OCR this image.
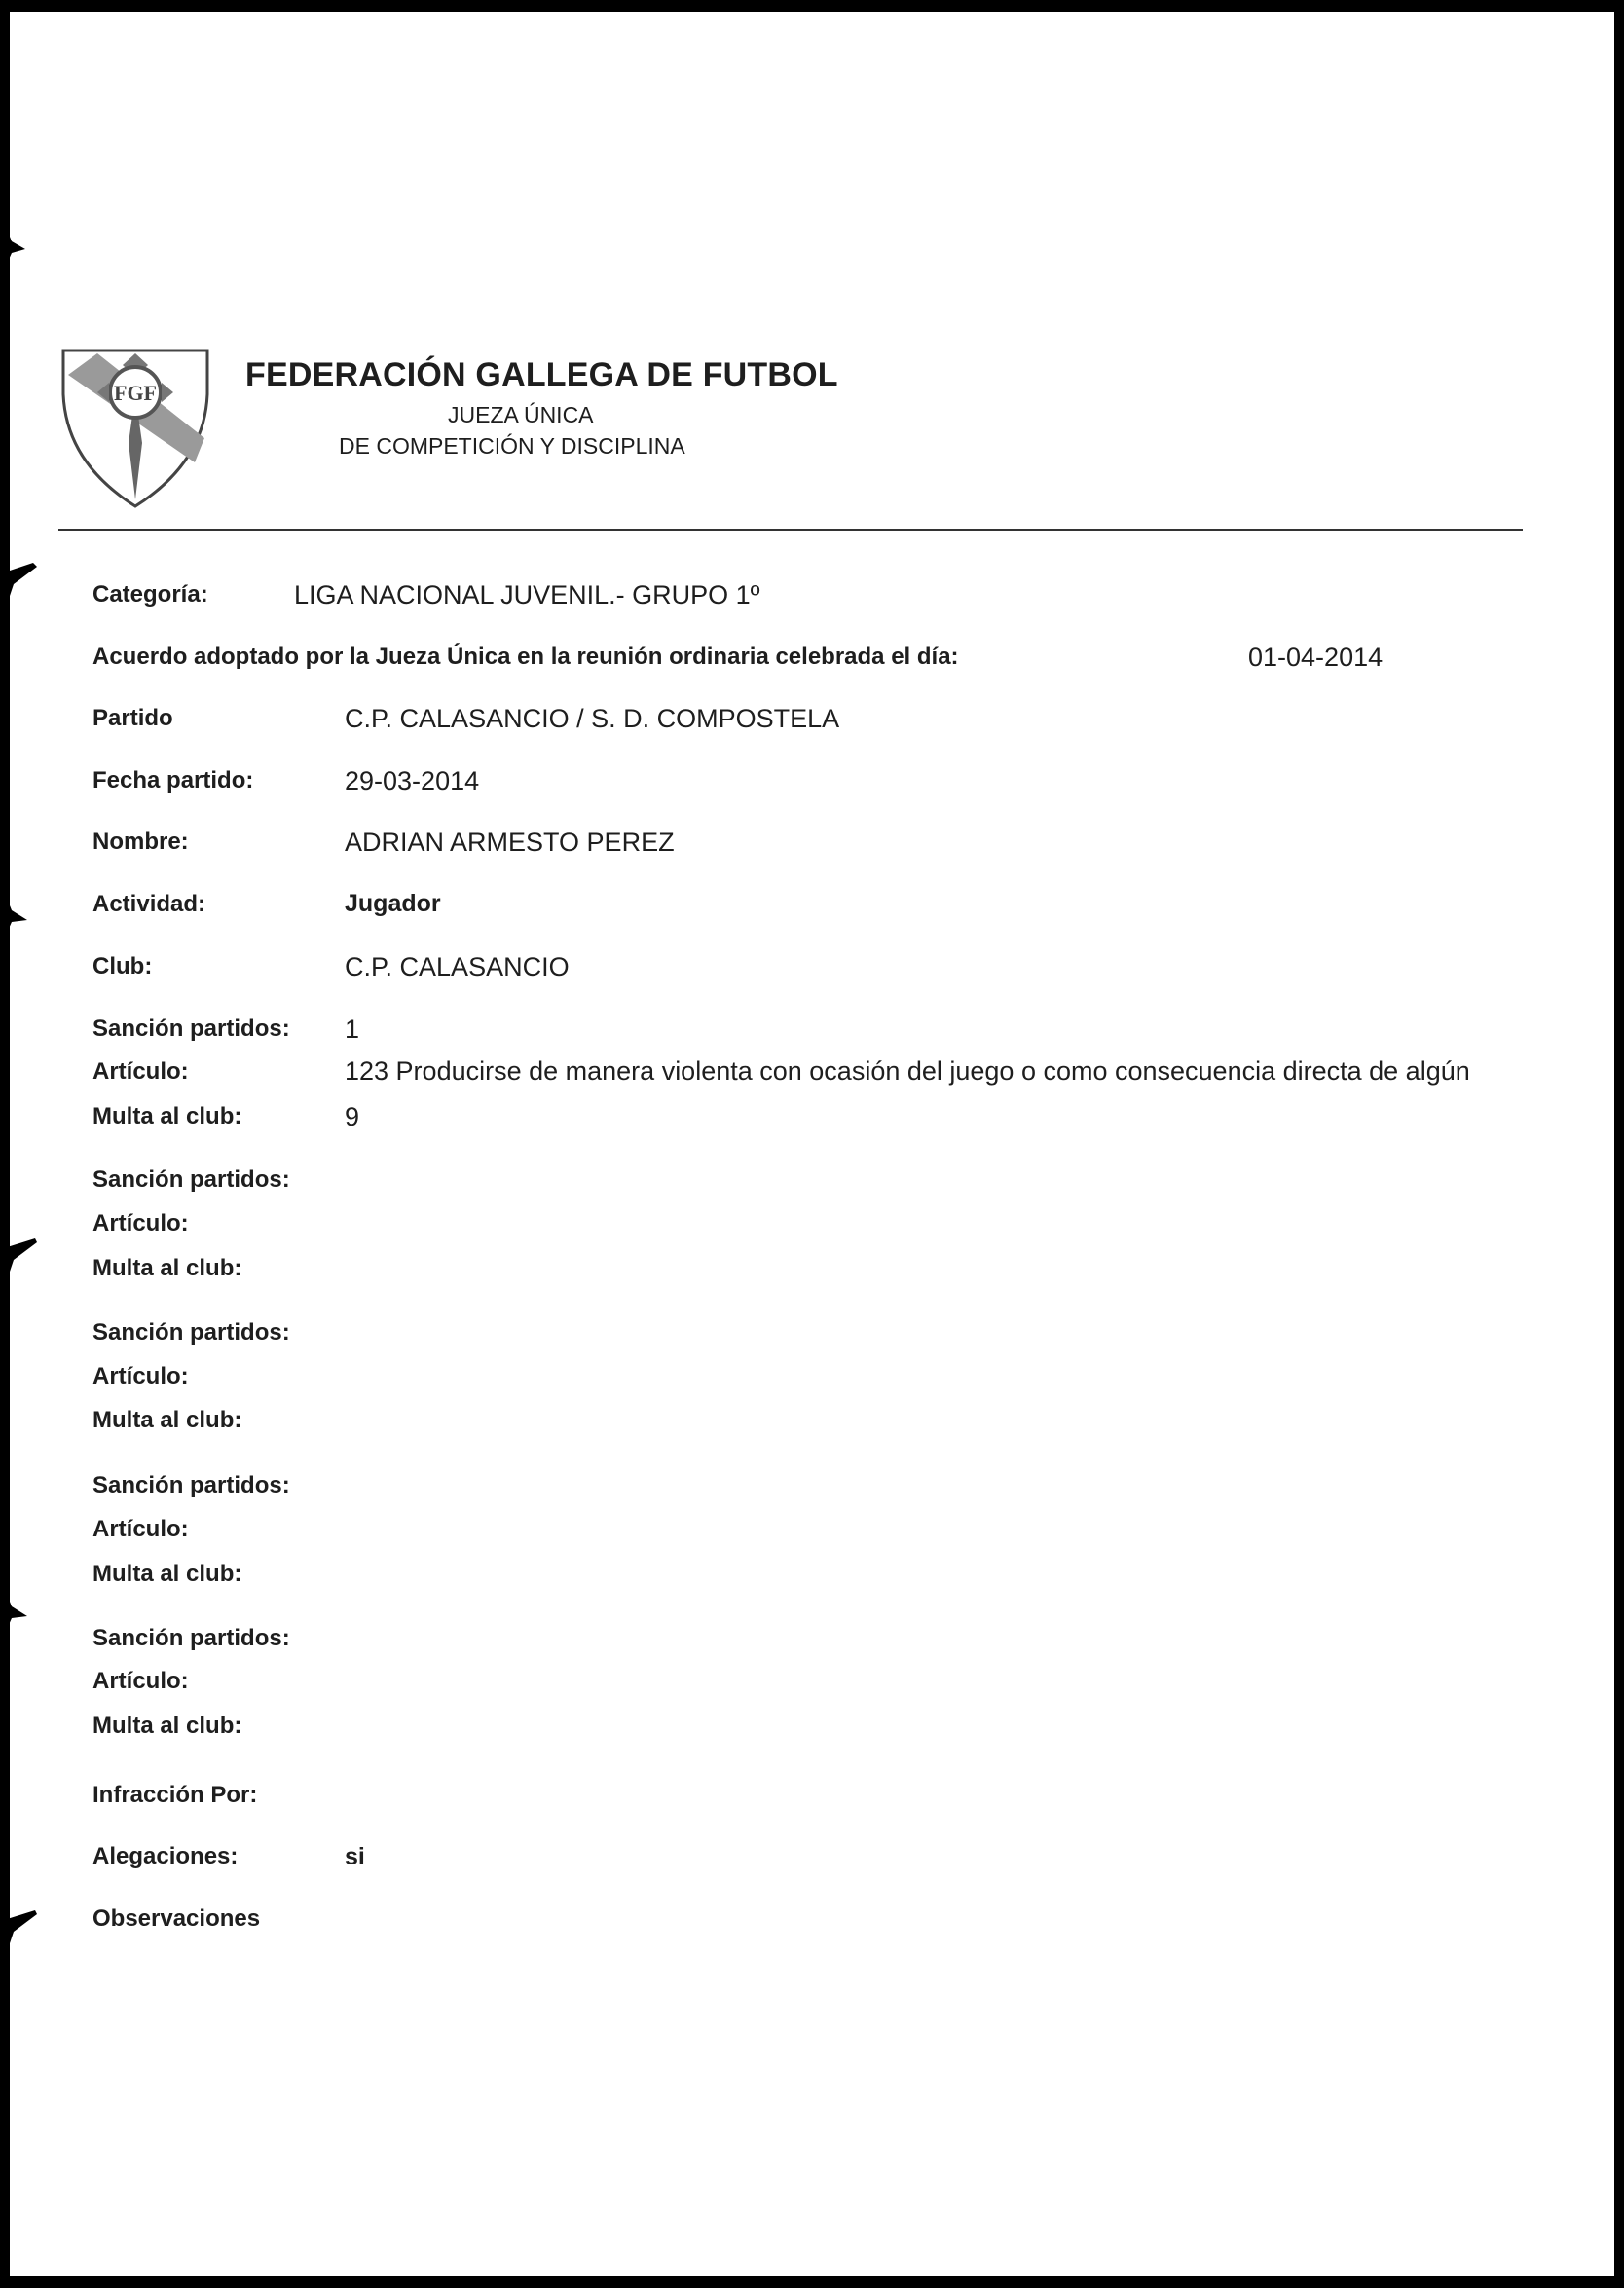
FGF	FEDERACIÓN GALLEGA DE FUTBOL
JUEZA ÚNICA
DE COMPETICIÓN Y DISCIPLINA
Categoría:	LIGA NACIONAL JUVENIL.- GRUPO 1º
Acuerdo adoptado por la Jueza Única en la reunión ordinaria celebrada el día:	01-04-2014
Partido	C.P. CALASANCIO / S. D. COMPOSTELA
Fecha partido:	29-03-2014
Nombre:	ADRIAN ARMESTO PEREZ
Actividad:	Jugador
Club:	C.P. CALASANCIO
Sanción partidos: 1
Artículo:	123 Producirse de manera violenta con ocasión del juego o como consecuencia directa de algún
Multa al club:	9
Sanción partidos:
Artículo:
Multa al club:
Sanción partidos:
Artículo:
Multa al club:
Sanción partidos:
Artículo:
Multa al club:
Sanción partidos:
Artículo:
Multa al club:
Infracción Por:
Alegaciones:	si
Observaciones
